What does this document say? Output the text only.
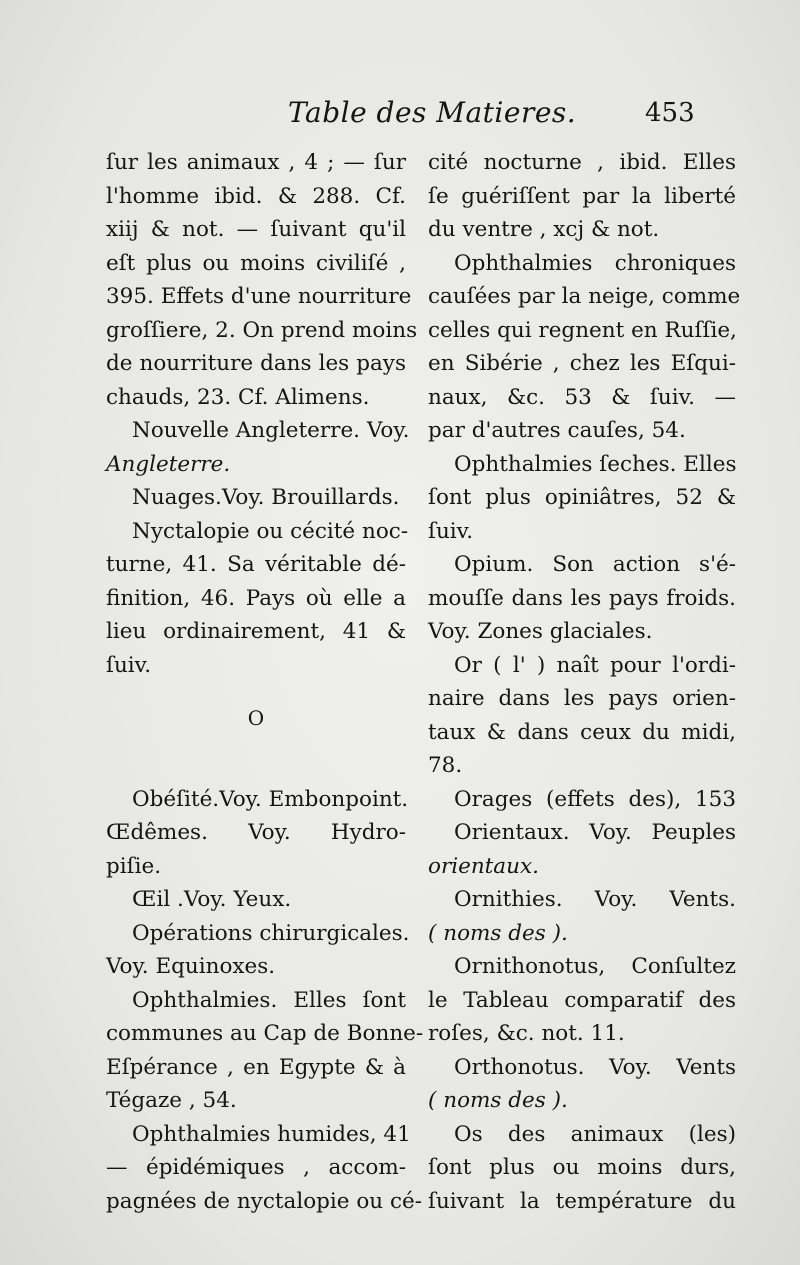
Table des Matieres.	453
ſur les animaux , 4 ; — ſur
l'homme ibid. & 288. Cf.
xiij & not. — ſuivant qu'il
eſt plus ou moins civiliſé ,
395. Effets d'une nourriture
groſſiere, 2. On prend moins
de nourriture dans les pays
chauds, 23. Cf. Alimens.
Nouvelle Angleterre. Voy.
Angleterre.
Nuages.Voy. Brouillards.
Nyctalopie ou cécité noc-
turne, 41. Sa véritable dé-
finition, 46. Pays où elle a
lieu ordinairement, 41 &
ſuiv.
O
Obéſité.Voy. Embonpoint.
Œdêmes. Voy. Hydro-
piſie.
Œil .Voy. Yeux.
Opérations chirurgicales.
Voy. Equinoxes.
Ophthalmies. Elles ſont
communes au Cap de Bonne-
Eſpérance , en Egypte & à
Tégaze , 54.
Ophthalmies humides, 41
— épidémiques , accom-
pagnées de nyctalopie ou cé-
cité nocturne , ibid. Elles
ſe guériſſent par la liberté
du ventre , xcj & not.
Ophthalmies chroniques
cauſées par la neige, comme
celles qui regnent en Ruſſie,
en Sibérie , chez les Eſqui-
naux, &c. 53 & ſuiv. —
par d'autres cauſes, 54.
Ophthalmies ſeches. Elles
ſont plus opiniâtres, 52 &
ſuiv.
Opium. Son action s'é-
mouſſe dans les pays froids.
Voy. Zones glaciales.
Or ( l' ) naît pour l'ordi-
naire dans les pays orien-
taux & dans ceux du midi,
78.
Orages (effets des), 153
Orientaux. Voy. Peuples
orientaux.
Ornithies. Voy. Vents.
( noms des ).
Ornithonotus, Conſultez
le Tableau comparatif des
roſes, &c. not. 11.
Orthonotus. Voy. Vents
( noms des ).
Os des animaux (les)
ſont plus ou moins durs,
ſuivant la température du
